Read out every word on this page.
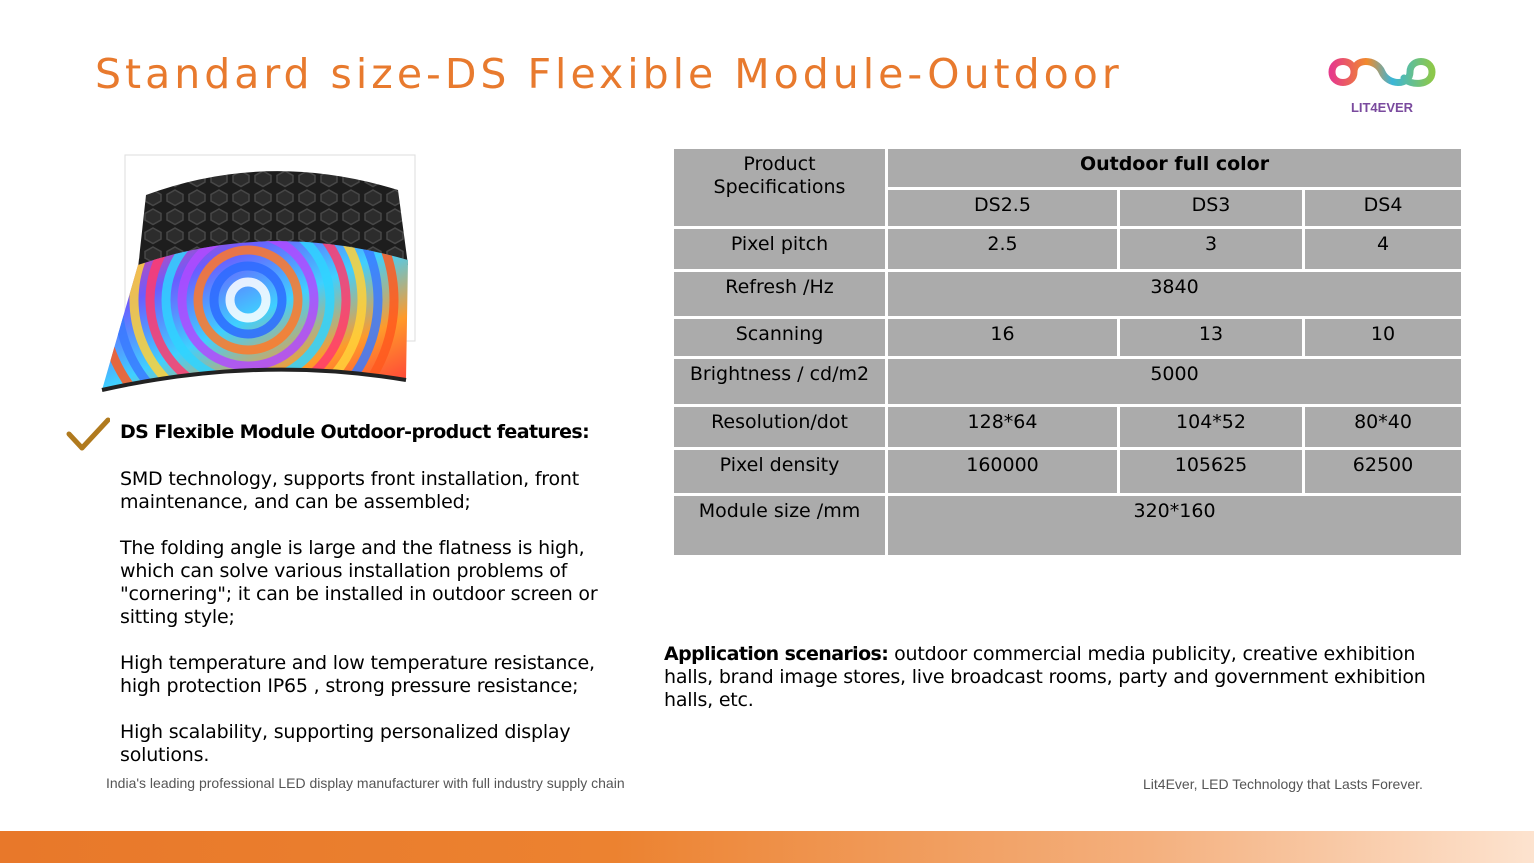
Standard size-DS Flexible Module-Outdoor
LIT4EVER
DS Flexible Module Outdoor-product features:

SMD technology, supports front installation, front maintenance, and can be assembled;

The folding angle is large and the flatness is high, which can solve various installation problems of "cornering"; it can be installed in outdoor screen or sitting style;

High temperature and low temperature resistance, high protection IP65 , strong pressure resistance;

High scalability, supporting personalized display solutions.

Product Specifications	Outdoor full color		
	DS2.5	DS3	DS4
Pixel pitch	2.5	3	4
Refresh /Hz	3840		
Scanning	16	13	10
Brightness / cd/m2	5000		
Resolution/dot	128*64	104*52	80*40
Pixel density	160000	105625	62500
Module size /mm	320*160		
Application scenarios: outdoor commercial media publicity, creative exhibition halls, brand image stores, live broadcast rooms, party and government exhibition halls, etc.
India's leading professional LED display manufacturer with full industry supply chain	Lit4Ever, LED Technology that Lasts Forever.
